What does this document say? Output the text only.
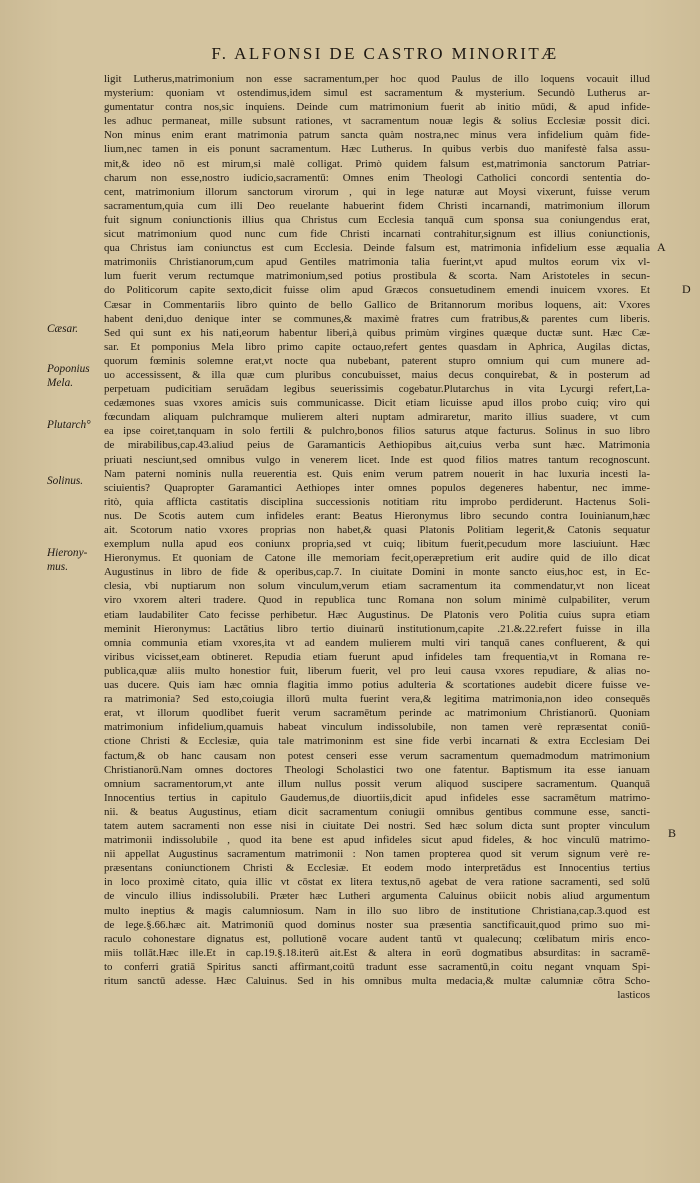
F. ALFONSI DE CASTRO MINORITÆ
ligit Lutherus,matrimonium non esse sacramentum,per hoc quod Paulus de illo loquens vocauit illud
mysterium: quoniam vt ostendimus,idem simul est sacramentum & mysterium. Secundò Lutherus ar-
gumentatur contra nos,sic inquiens. Deinde cum matrimonium fuerit ab initio mūdi, & apud infide-
les adhuc permaneat, mille subsunt rationes, vt sacramentum nouæ legis & solius Ecclesiæ possit dici.
Non minus enim erant matrimonia patrum sancta quàm nostra,nec minus vera infidelium quàm fide-
lium,nec tamen in eis ponunt sacramentum. Hæc Lutherus. In quibus verbis duo manifestè falsa assu-
mit,& ideo nō est mirum,si malè colligat. Primò quidem falsum est,matrimonia sanctorum Patriar-
charum non esse,nostro iudicio,sacramentū: Omnes enim Theologi Catholici concordi sententia do-
cent, matrimonium illorum sanctorum virorum , qui in lege naturæ aut Moysi vixerunt, fuisse verum
sacramentum,quia cum illi Deo reuelante habuerint fidem Christi incarnandi, matrimonium illorum
fuit signum coniunctionis illius qua Christus cum Ecclesia tanquā cum sponsa sua coniungendus erat,
sicut matrimonium quod nunc cum fide Christi incarnati contrahitur,signum est illius coniunctionis,
qua Christus iam coniunctus est cum Ecclesia. Deinde falsum est, matrimonia infidelium esse æqualia
matrimoniis Christianorum,cum apud Gentiles matrimonia talia fuerint,vt apud multos eorum vix vl-
lum fuerit verum rectumque matrimonium,sed potius prostibula & scorta. Nam Aristoteles in secun-
do Politicorum capite sexto,dicit fuisse olim apud Græcos consuetudinem emendi inuicem vxores. Et
Cæsar in Commentariis libro quinto de bello Gallico de Britannorum moribus loquens, ait: Vxores
habent deni,duo denique inter se communes,& maximè fratres cum fratribus,& parentes cum liberis.
Sed qui sunt ex his nati,eorum habentur liberi,à quibus primùm virgines quæque ductæ sunt. Hæc Cæ-
sar. Et pomponius Mela libro primo capite octauo,refert gentes quasdam in Aphrica, Augilas dictas,
quorum fœminis solemne erat,vt nocte qua nubebant, paterent stupro omnium qui cum munere ad-
uo accessissent, & illa quæ cum pluribus concubuisset, maius decus conquirebat, & in posterum ad
perpetuam pudicitiam seruādam legibus seuerissimis cogebatur.Plutarchus in vita Lycurgi refert,La-
cedæmones suas vxores amicis suis communicasse. Dicit etiam licuisse apud illos probo cuiq; viro qui
fœcundam aliquam pulchramque mulierem alteri nuptam admiraretur, marito illius suadere, vt cum
ea ipse coiret,tanquam in solo fertili & pulchro,bonos filios saturus atque facturus. Solinus in suo libro
de mirabilibus,cap.43.aliud peius de Garamanticis Aethiopibus ait,cuius verba sunt hæc. Matrimonia
priuati nesciunt,sed omnibus vulgo in venerem licet. Inde est quod filios matres tantum recognoscunt.
Nam paterni nominis nulla reuerentia est. Quis enim verum patrem nouerit in hac luxuria incesti la-
sciuientis? Quapropter Garamantici Aethiopes inter omnes populos degeneres habentur, nec imme-
ritò, quia afflicta castitatis disciplina successionis notitiam ritu improbo perdiderunt. Hactenus Soli-
nus. De Scotis autem cum infideles erant: Beatus Hieronymus libro secundo contra Iouinianum,hæc
ait. Scotorum natio vxores proprias non habet,& quasi Platonis Politiam legerit,& Catonis sequatur
exemplum nulla apud eos coniunx propria,sed vt cuiq; libitum fuerit,pecudum more lasciuiunt. Hæc
Hieronymus. Et quoniam de Catone ille memoriam fecit,operæpretium erit audire quid de illo dicat
Augustinus in libro de fide & operibus,cap.7. In ciuitate Domini in monte sancto eius,hoc est, in Ec-
clesia, vbi nuptiarum non solum vinculum,verum etiam sacramentum ita commendatur,vt non liceat
viro vxorem alteri tradere. Quod in republica tunc Romana non solum minimè culpabiliter, verum
etiam laudabiliter Cato fecisse perhibetur. Hæc Augustinus. De Platonis vero Politia cuius supra etiam
meminit Hieronymus: Lactātius libro tertio diuinarū institutionum,capite .21.&.22.refert fuisse in illa
omnia communia etiam vxores,ita vt ad eandem mulierem multi viri tanquā canes confluerent, & qui
viribus vicisset,eam obtineret. Repudia etiam fuerunt apud infideles tam frequentia,vt in Romana re-
publica,quæ aliis multo honestior fuit, liberum fuerit, vel pro leui causa vxores repudiare, & alias no-
uas ducere. Quis iam hæc omnia flagitia immo potius adulteria & scortationes audebit dicere fuisse ve-
ra matrimonia? Sed esto,coiugia illorū multa fuerint vera,& legitima matrimonia,non ideo consequēs
erat, vt illorum quodlibet fuerit verum sacramētum perinde ac matrimonium Christianorū. Quoniam
matrimonium infidelium,quamuis habeat vinculum indissolubile, non tamen verè repræsentat coniū-
ctione Christi & Ecclesiæ, quia tale matrimoninm est sine fide verbi incarnati & extra Ecclesiam Dei
factum,& ob hanc causam non potest censeri esse verum sacramentum quemadmodum matrimonium
Christianorū.Nam omnes doctores Theologi Scholastici two one fatentur. Baptismum ita esse ianuam
omnium sacramentorum,vt ante illum nullus possit verum aliquod suscipere sacramentum. Quanquā
Innocentius tertius in capitulo Gaudemus,de diuortiis,dicit apud infideles esse sacramētum matrimo-
nii. & beatus Augustinus, etiam dicit sacramentum coniugii omnibus gentibus commune esse, sancti-
tatem autem sacramenti non esse nisi in ciuitate Dei nostri. Sed hæc solum dicta sunt propter vinculum
matrimonii indissolubile , quod ita bene est apud infideles sicut apud fideles, & hoc vinculū matrimo-
nii appellat Augustinus sacramentum matrimonii : Non tamen propterea quod sit verum signum verè re-
præsentans coniunctionem Christi & Ecclesiæ. Et eodem modo interpretādus est Innocentius tertius
in loco proximè citato, quia illic vt cōstat ex litera textus,nō agebat de vera ratione sacramenti, sed solū
de vinculo illius indissolubili. Præter hæc Lutheri argumenta Caluinus obiicit nobis aliud argumentum
multo ineptius & magis calumniosum. Nam in illo suo libro de institutione Christiana,cap.3.quod est
de lege.§.66.hæc ait. Matrimoniū quod dominus noster sua præsentia sanctificauit,quod primo suo mi-
raculo cohonestare dignatus est, pollutionē vocare audent tantū vt qualecunq; cœlibatum miris enco-
miis tollāt.Hæc ille.Et in cap.19.§.18.iterū ait.Est & altera in eorū dogmatibus absurditas: in sacramē-
to conferri gratiā Spiritus sancti affirmant,coitū tradunt esse sacramentū,in coitu negant vnquam Spi-
ritum sanctū adesse. Hæc Caluinus. Sed in his omnibus multa medacia,& multæ calumniæ cōtra Scho-
lasticos
Cæsar.
Poponius
Mela.
Plutarch°
Solinus.
Hierony-
mus.
A
D
B
